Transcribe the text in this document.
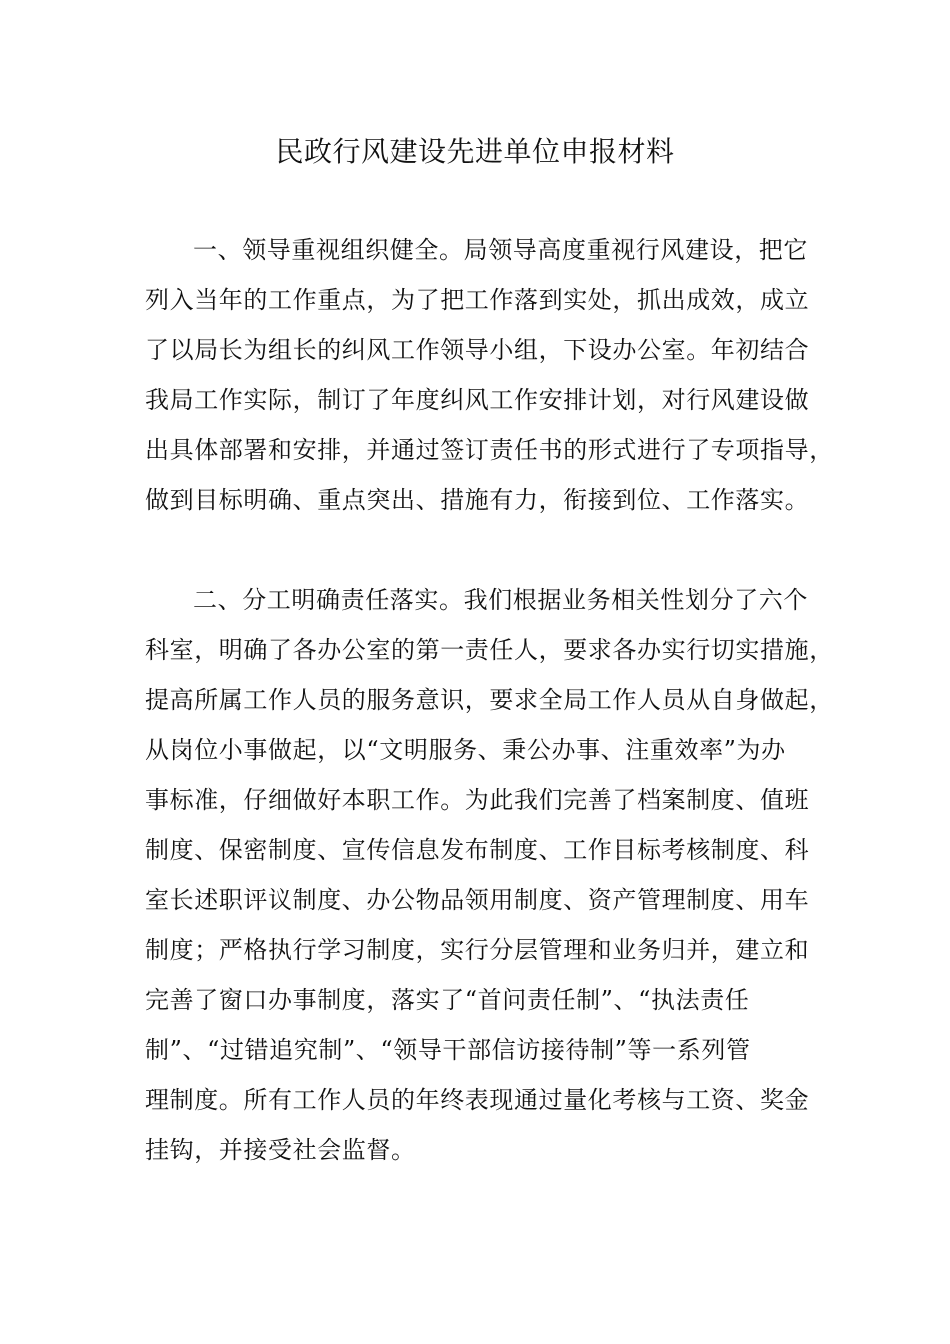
民政行风建设先进单位申报材料
一、领导重视组织健全。局领导高度重视行风建设，把它
列入当年的工作重点，为了把工作落到实处，抓出成效，成立
了以局长为组长的纠风工作领导小组，下设办公室。年初结合
我局工作实际，制订了年度纠风工作安排计划，对行风建设做
出具体部署和安排，并通过签订责任书的形式进行了专项指导，
做到目标明确、重点突出、措施有力，衔接到位、工作落实。
二、分工明确责任落实。我们根据业务相关性划分了六个
科室，明确了各办公室的第一责任人，要求各办实行切实措施，
提高所属工作人员的服务意识，要求全局工作人员从自身做起，
从岗位小事做起，以“文明服务、秉公办事、注重效率”为办
事标准，仔细做好本职工作。为此我们完善了档案制度、值班
制度、保密制度、宣传信息发布制度、工作目标考核制度、科
室长述职评议制度、办公物品领用制度、资产管理制度、用车
制度；严格执行学习制度，实行分层管理和业务归并，建立和
完善了窗口办事制度，落实了“首问责任制”、“执法责任
制”、“过错追究制”、“领导干部信访接待制”等一系列管
理制度。所有工作人员的年终表现通过量化考核与工资、奖金
挂钩，并接受社会监督。
